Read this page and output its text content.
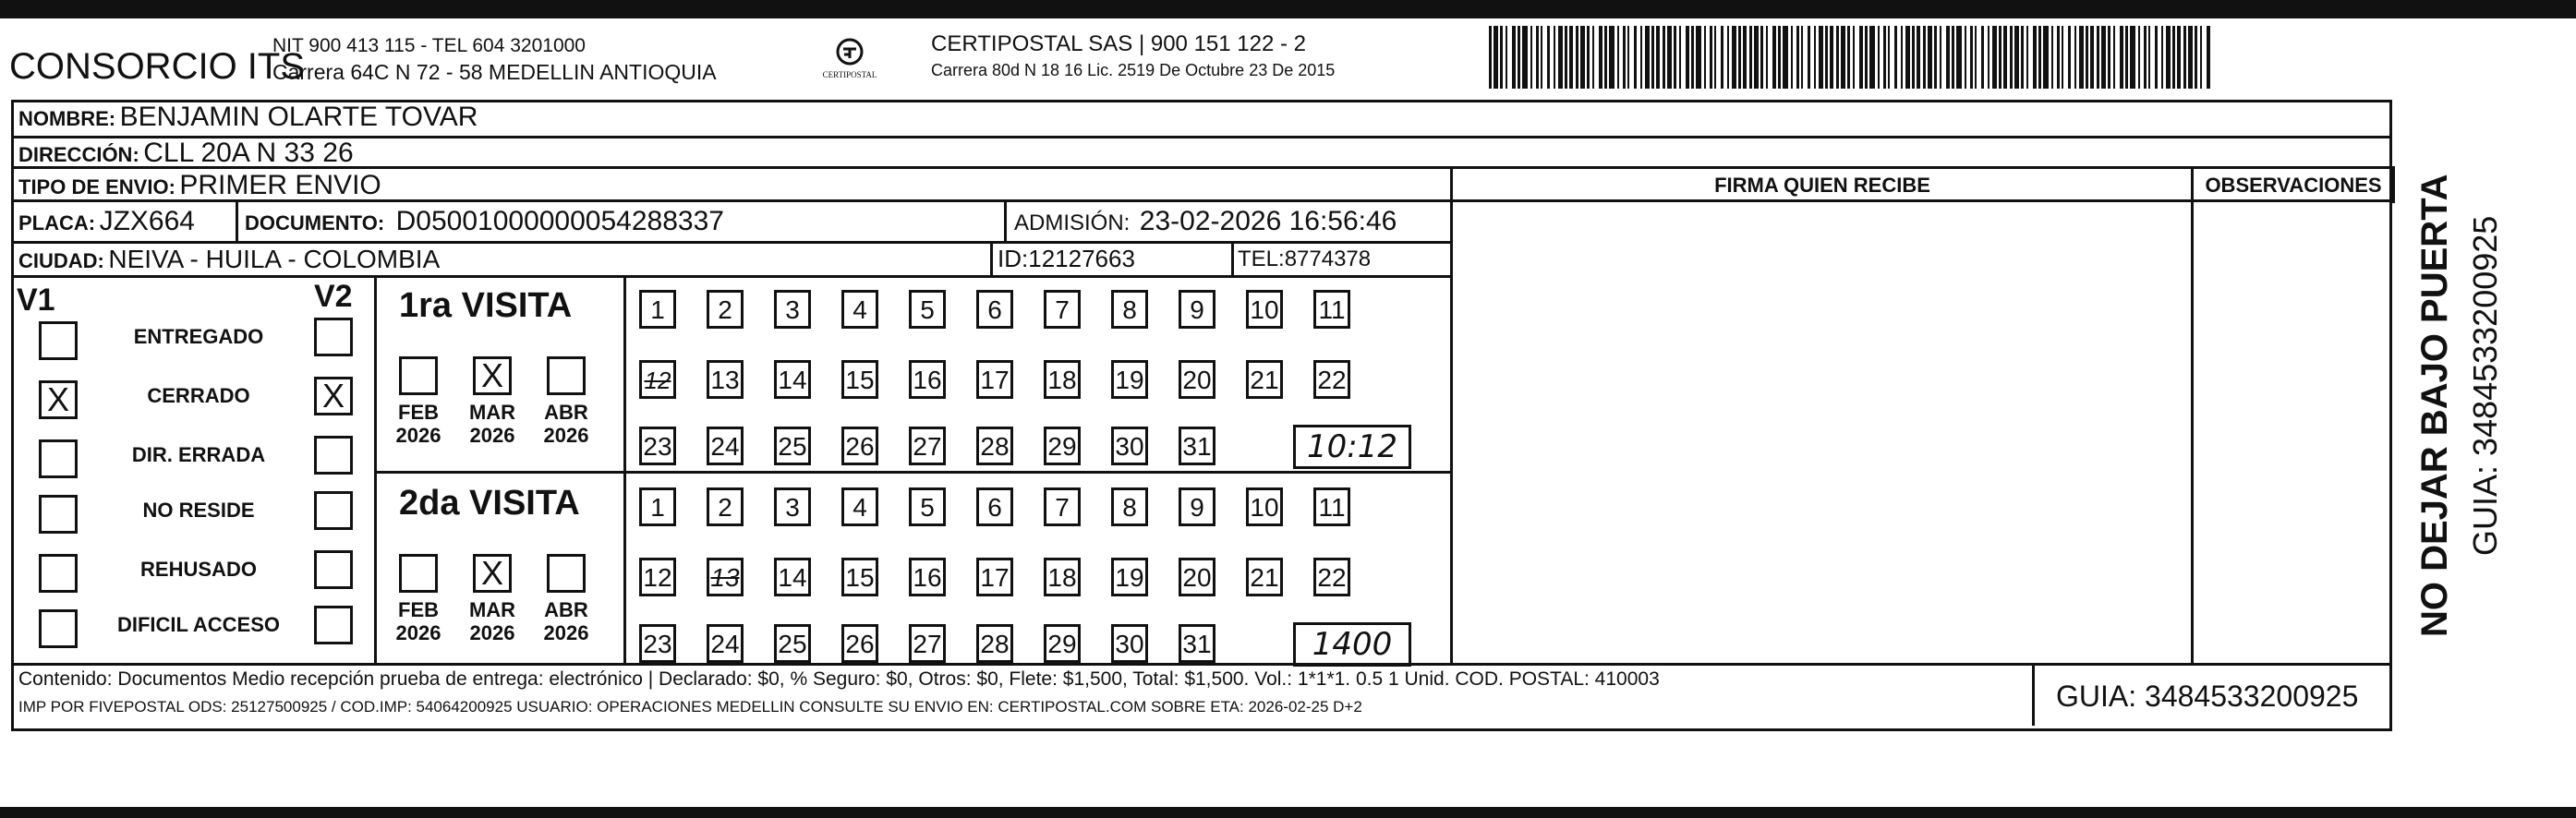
CONSORCIO ITS
NIT 900 413 115 - TEL 604 3201000
Carrera 64C N 72 - 58 MEDELLIN ANTIOQUIA	CERTIPOSTAL
CERTIPOSTAL SAS | 900 151 122 - 2
Carrera 80d N 18 16 Lic. 2519 De Octubre 23 De 2015
NOMBRE: BENJAMIN OLARTE TOVAR
DIRECCIÓN: CLL 20A N 33 26
TIPO DE ENVIO: PRIMER ENVIO
PLACA: JZX664 DOCUMENTO: D05001000000054288337	ADMISIÓN: 23-02-2026 16:56:46
CIUDAD: NEIVA - HUILA - COLOMBIA	ID:12127663	TEL:8774378
FIRMA QUIEN RECIBE	OBSERVACIONES
V1	V2
ENTREGADO
X	CERRADO	X
DIR. ERRADA
NO RESIDE
REHUSADO
DIFICIL ACCESO
1ra VISITA
FEB
2026
X
MAR
2026
ABR
2026
1	2	3	4	5	6	7	8	9	10 11
12 13 14 15 16 17 18 19 20 21 22
23 24 25 26 27 28 29 30 31	10:12
2da VISITA
FEB
2026
X
MAR
2026
ABR
2026
1	2	3	4	5	6	7	8	9	10 11
12 13 14 15 16 17 18 19 20 21 22
23 24 25 26 27 28 29 30 31	1400
Contenido: Documentos Medio recepción prueba de entrega: electrónico | Declarado: $0, % Seguro: $0, Otros: $0, Flete: $1,500, Total: $1,500. Vol.: 1*1*1. 0.5 1 Unid. COD. POSTAL: 410003
IMP POR FIVEPOSTAL ODS: 25127500925 / COD.IMP: 54064200925 USUARIO: OPERACIONES MEDELLIN CONSULTE SU ENVIO EN: CERTIPOSTAL.COM SOBRE ETA: 2026-02-25 D+2	GUIA: 3484533200925
NO DEJAR BAJO PUERTA GUIA: 3484533200925
